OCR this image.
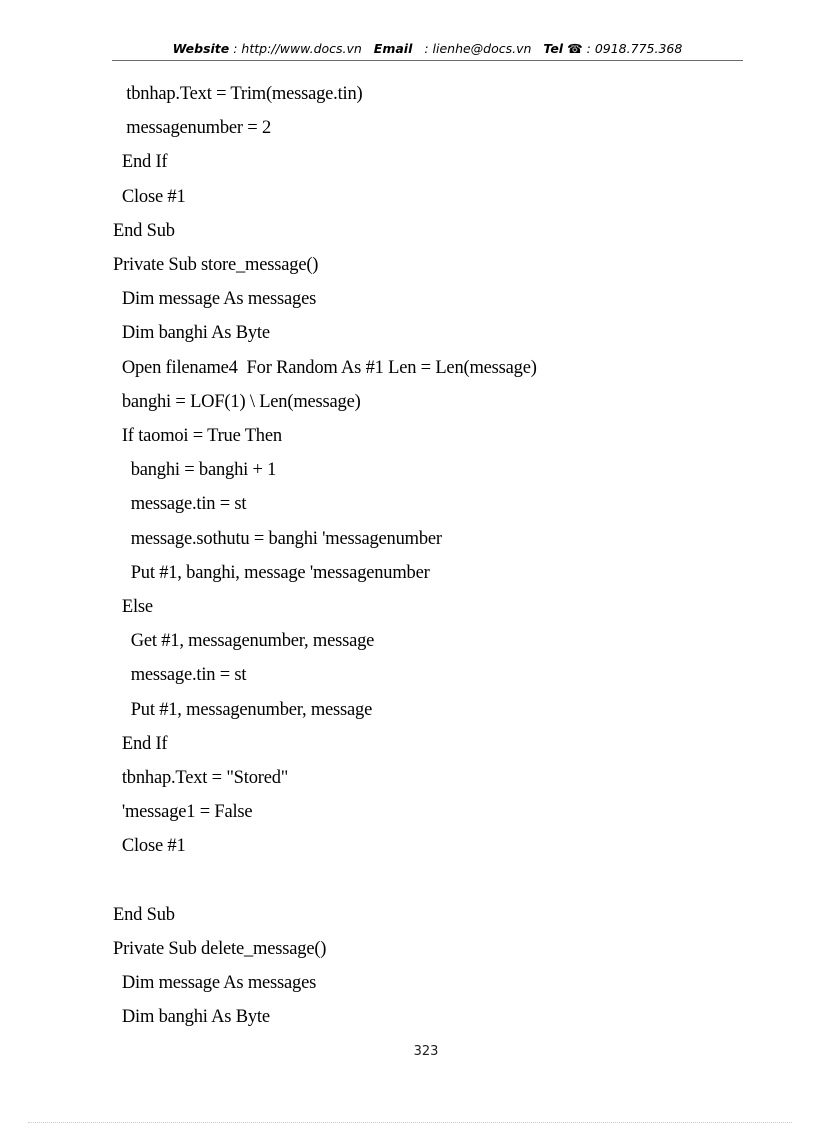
Website : http://www.docs.vn Email : lienhe@docs.vn Tel ☎ : 0918.775.368
tbnhap.Text = Trim(message.tin)
messagenumber = 2
End If
Close #1
End Sub
Private Sub store_message()
Dim message As messages
Dim banghi As Byte
Open filename4  For Random As #1 Len = Len(message)
banghi = LOF(1) \ Len(message)
If taomoi = True Then
banghi = banghi + 1
message.tin = st
message.sothutu = banghi 'messagenumber
Put #1, banghi, message 'messagenumber
Else
Get #1, messagenumber, message
message.tin = st
Put #1, messagenumber, message
End If
tbnhap.Text = "Stored"
'message1 = False
Close #1
End Sub
Private Sub delete_message()
Dim message As messages
Dim banghi As Byte
323
